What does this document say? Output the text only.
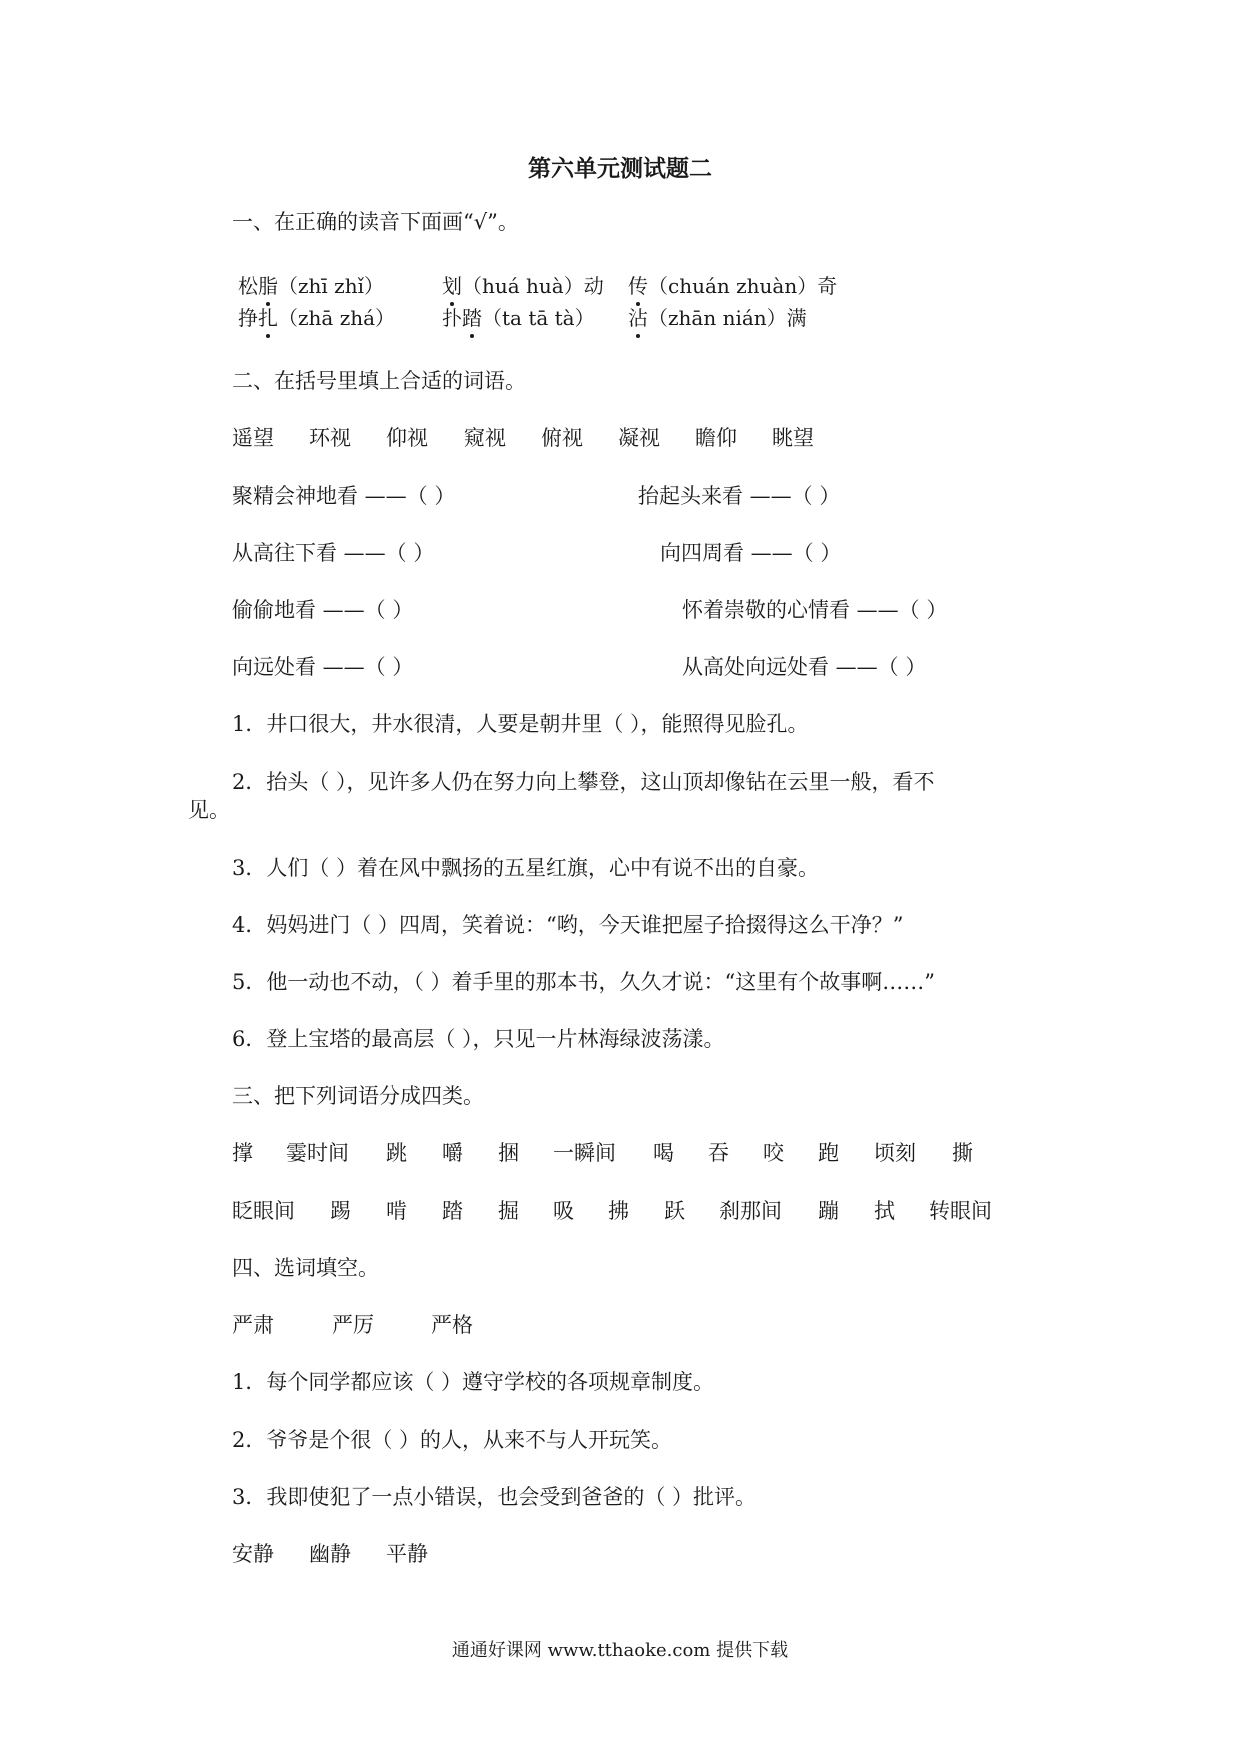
第六单元测试题二
一、在正确的读音下面画“√”。
松脂（zhī zhǐ）	划（huá huà）动 传（chuán zhuàn）奇
挣扎（zhā zhá） 扑踏（ta tā tà） 沾（zhān nián）满
二、在括号里填上合适的词语。
遥望 环视 仰视 窥视 俯视 凝视 瞻仰 眺望
聚精会神地看 ——（ ）	抬起头来看 ——（ ）
从高往下看 ——（ ）	向四周看 ——（ ）
偷偷地看 ——（ ）	怀着崇敬的心情看 ——（ ）
向远处看 ——（ ）	从高处向远处看 ——（ ）
1．井口很大，井水很清，人要是朝井里（ ），能照得见脸孔。
2．抬头（ ），见许多人仍在努力向上攀登，这山顶却像钻在云里一般，看不
见。
3．人们（ ）着在风中飘扬的五星红旗，心中有说不出的自豪。
4．妈妈进门（ ）四周，笑着说：“哟，今天谁把屋子拾掇得这么干净？”
5．他一动也不动，（ ）着手里的那本书，久久才说：“这里有个故事啊……”
6．登上宝塔的最高层（ ），只见一片林海绿波荡漾。
三、把下列词语分成四类。
撑 霎时间 跳 嚼 捆 一瞬间 喝 吞 咬 跑 顷刻 撕
眨眼间 踢 啃 踏 掘 吸 拂 跃 刹那间 蹦 拭 转眼间
四、选词填空。
严肃	严厉	严格
1．每个同学都应该（ ）遵守学校的各项规章制度。
2．爷爷是个很（ ）的人，从来不与人开玩笑。
3．我即使犯了一点小错误，也会受到爸爸的（ ）批评。
安静 幽静 平静
通通好课网 www.tthaoke.com 提供下载
